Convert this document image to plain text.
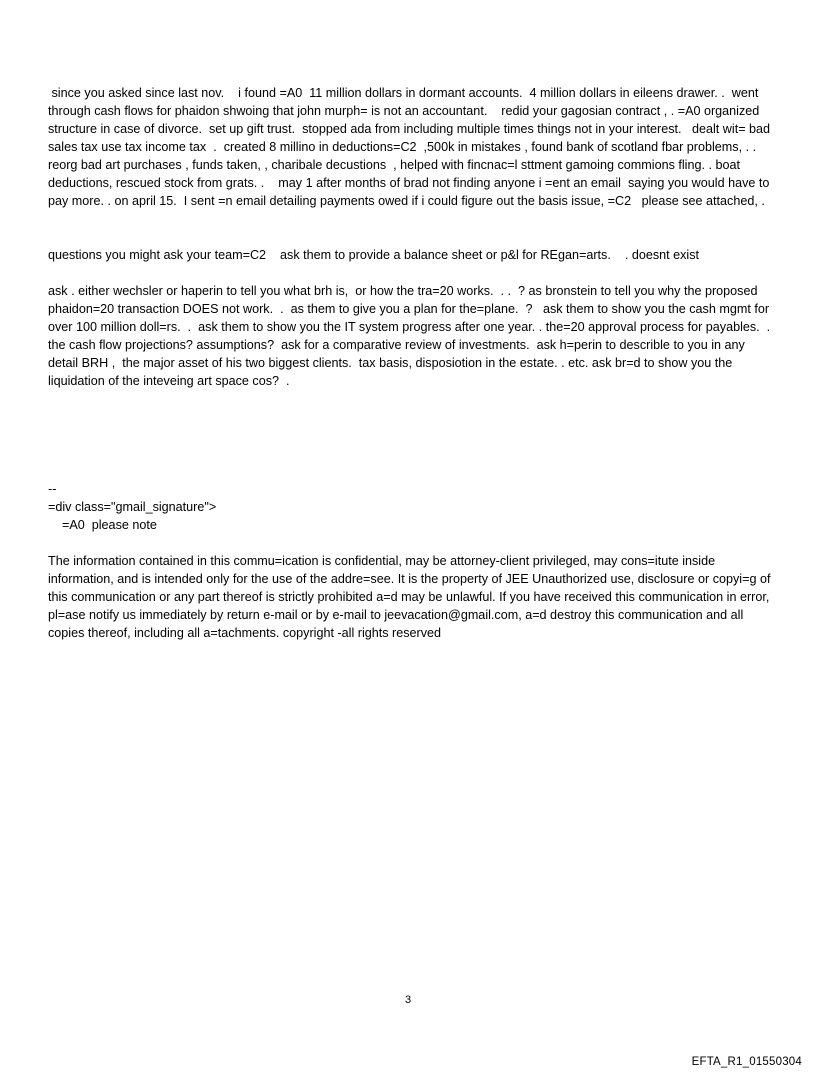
since you asked since last nov.    i found =A0  11 million dollars in dormant accounts.  4 million dollars in eileens drawer. .  went through cash flows for phaidon shwoing that john murph= is not an accountant.    redid your gagosian contract , . =A0 organized structure in case of divorce.  set up gift trust.  stopped ada from including multiple times things not in your interest.   dealt wit= bad sales tax use tax income tax  .  created 8 millino in deductions=C2  ,500k in mistakes , found bank of scotland fbar problems, . . reorg bad art purchases , funds taken, , charibale decustions  , helped with fincnac=l sttment gamoing commions fling. . boat deductions, rescued stock from grats. .    may 1 after months of brad not finding anyone i =ent an email  saying you would have to pay more. . on april 15.  I sent =n email detailing payments owed if i could figure out the basis issue, =C2   please see attached, .

questions you might ask your team=C2    ask them to provide a balance sheet or p&l for REgan=arts.    . doesnt exist

ask . either wechsler or haperin to tell you what brh is,  or how the tra=20 works.  . .  ? as bronstein to tell you why the proposed phaidon=20 transaction DOES not work.  .  as them to give you a plan for the=plane.  ?   ask them to show you the cash mgmt for over 100 million doll=rs.  .  ask them to show you the IT system progress after one year. . the=20 approval process for payables.  . the cash flow projections? assumptions?  ask for a comparative review of investments.  ask h=perin to describle to you in any detail BRH ,  the major asset of his two biggest clients.  tax basis, disposiotion in the estate. . etc. ask br=d to show you the liquidation of the inteveing art space cos?  .

--

=div class="gmail_signature">

=A0  please note

The information contained in this commu=ication is confidential, may be attorney-client privileged, may cons=itute inside information, and is intended only for the use of the addre=see. It is the property of JEE Unauthorized use, disclosure or copyi=g of this communication or any part thereof is strictly prohibited a=d may be unlawful. If you have received this communication in error, pl=ase notify us immediately by return e-mail or by e-mail to jeevacation@gmail.com, a=d destroy this communication and all copies thereof, including all a=tachments. copyright -all rights reserved

3
EFTA_R1_01550304
